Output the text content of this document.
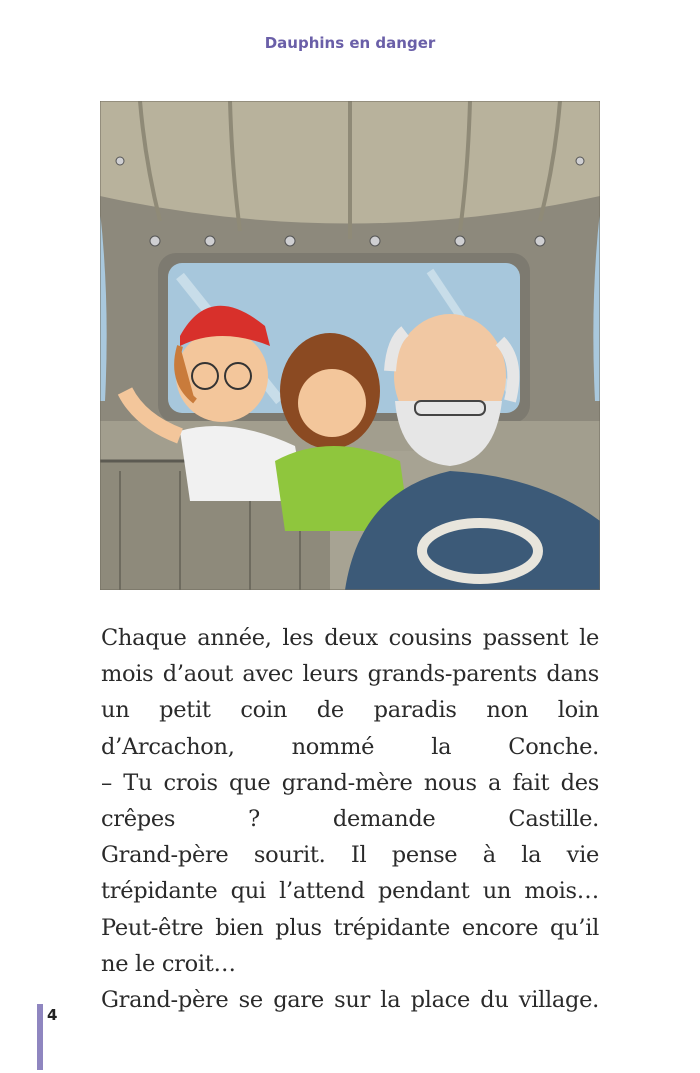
Dauphins en danger

Chaque année, les deux cousins passent le mois d’aout avec leurs grands-parents dans un petit coin de paradis non loin d’Arcachon, nommé la Conche.

– Tu crois que grand-mère nous a fait des crêpes ? demande Castille.

Grand-père sourit. Il pense à la vie trépidante qui l’attend pendant un mois… Peut-être bien plus trépidante encore qu’il ne le croit…

Grand-père se gare sur la place du village.

4
